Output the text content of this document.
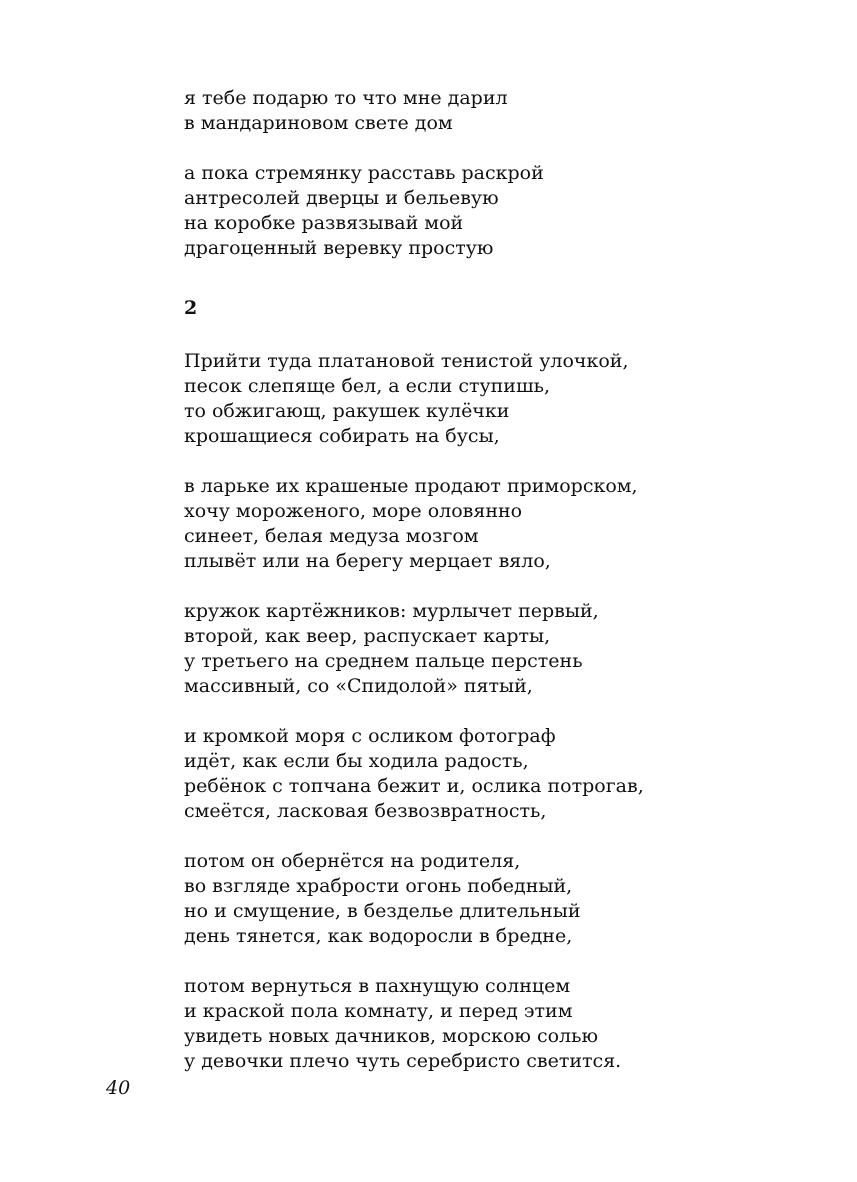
я тебе подарю то что мне дарил
в мандариновом свете дом

а пока стремянку расставь раскрой
антресолей дверцы и бельевую
на коробке развязывай мой
драгоценный веревку простую

2

Прийти туда платановой тенистой улочкой,
песок слепяще бел, а если ступишь,
то обжигающ, ракушек кулёчки
крошащиеся собирать на бусы,

в ларьке их крашеные продают приморском,
хочу мороженого, море оловянно
синеет, белая медуза мозгом
плывёт или на берегу мерцает вяло,

кружок картёжников: мурлычет первый,
второй, как веер, распускает карты,
у третьего на среднем пальце перстень
массивный, со «Спидолой» пятый,

и кромкой моря с осликом фотограф
идёт, как если бы ходила радость,
ребёнок с топчана бежит и, ослика потрогав,
смеётся, ласковая безвозвратность,

потом он обернётся на родителя,
во взгляде храбрости огонь победный,
но и смущение, в безделье длительный
день тянется, как водоросли в бредне,

потом вернуться в пахнущую солнцем
и краской пола комнату, и перед этим
увидеть новых дачников, морскою солью
у девочки плечо чуть серебристо светится.

40
